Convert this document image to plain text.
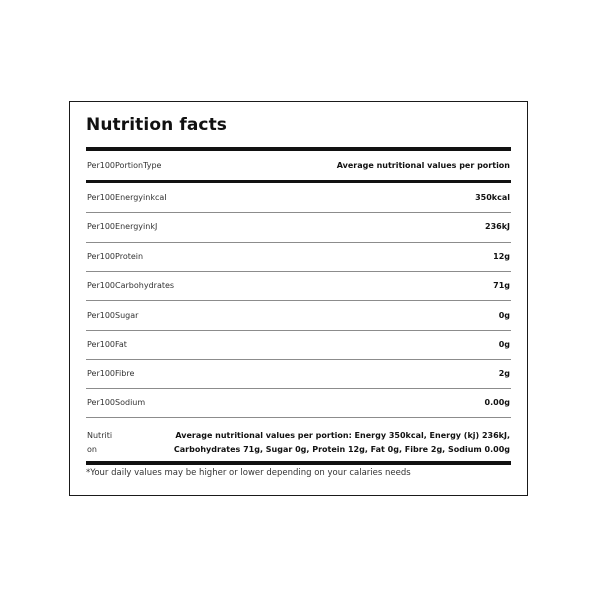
Nutrition facts
Per100PortionType	Average nutritional values per portion
Per100EnergyinkcaI	350kcal
Per100EnergyinkJ	236kJ
Per100Protein	12g
Per100Carbohydrates	71g
Per100Sugar	0g
Per100Fat	0g
Per100Fibre	2g
Per100Sodium	0.00g
Nutrition
Average nutritional values per portion: Energy 350kcal, Energy (kj) 236kJ, Carbohydrates 71g, Sugar 0g, Protein 12g, Fat 0g, Fibre 2g, Sodium 0.00g
*Your daily values may be higher or lower depending on your calaries needs
